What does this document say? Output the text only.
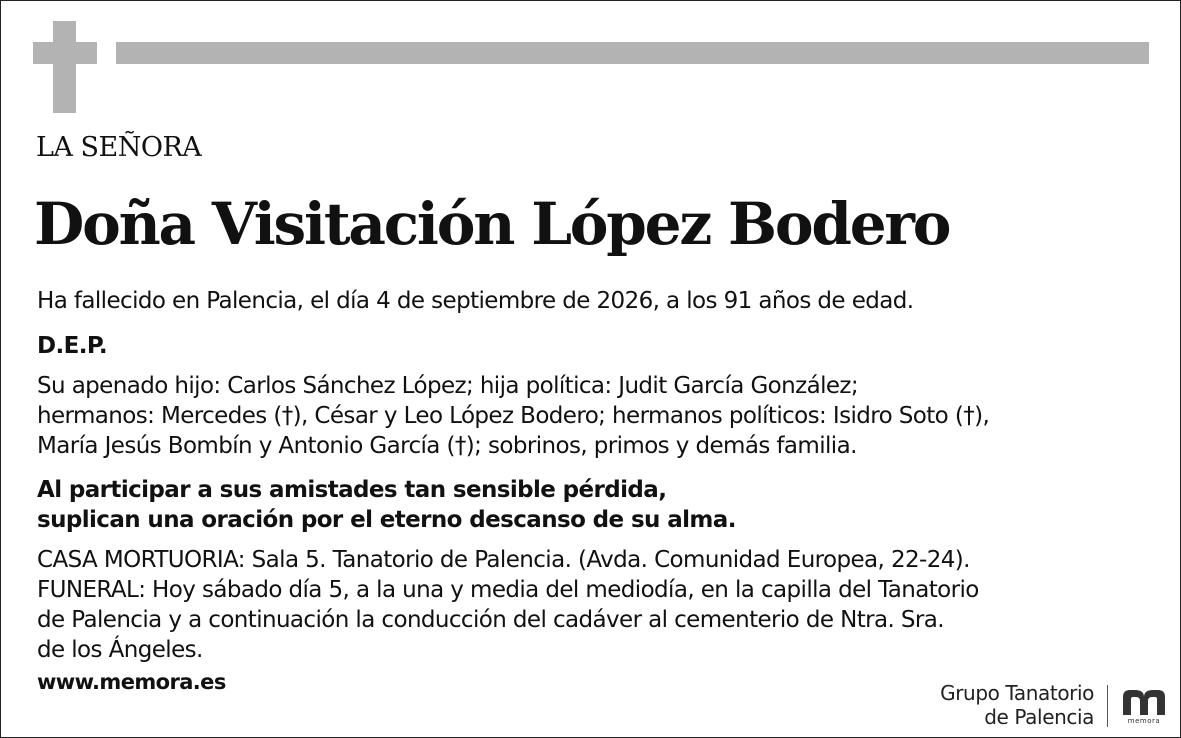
LA SEÑORA
Doña Visitación López Bodero
Ha fallecido en Palencia, el día 4 de septiembre de 2026, a los 91 años de edad.
D.E.P.
Su apenado hijo: Carlos Sánchez López; hija política: Judit García González;
hermanos: Mercedes (†), César y Leo López Bodero; hermanos políticos: Isidro Soto (†),
María Jesús Bombín y Antonio García (†); sobrinos, primos y demás familia.
Al participar a sus amistades tan sensible pérdida,
suplican una oración por el eterno descanso de su alma.
CASA MORTUORIA: Sala 5. Tanatorio de Palencia. (Avda. Comunidad Europea, 22-24).
FUNERAL: Hoy sábado día 5, a la una y media del mediodía, en la capilla del Tanatorio
de Palencia y a continuación la conducción del cadáver al cementerio de Ntra. Sra.
de los Ángeles.
www.memora.es	Grupo Tanatorio
de Palencia	memora
